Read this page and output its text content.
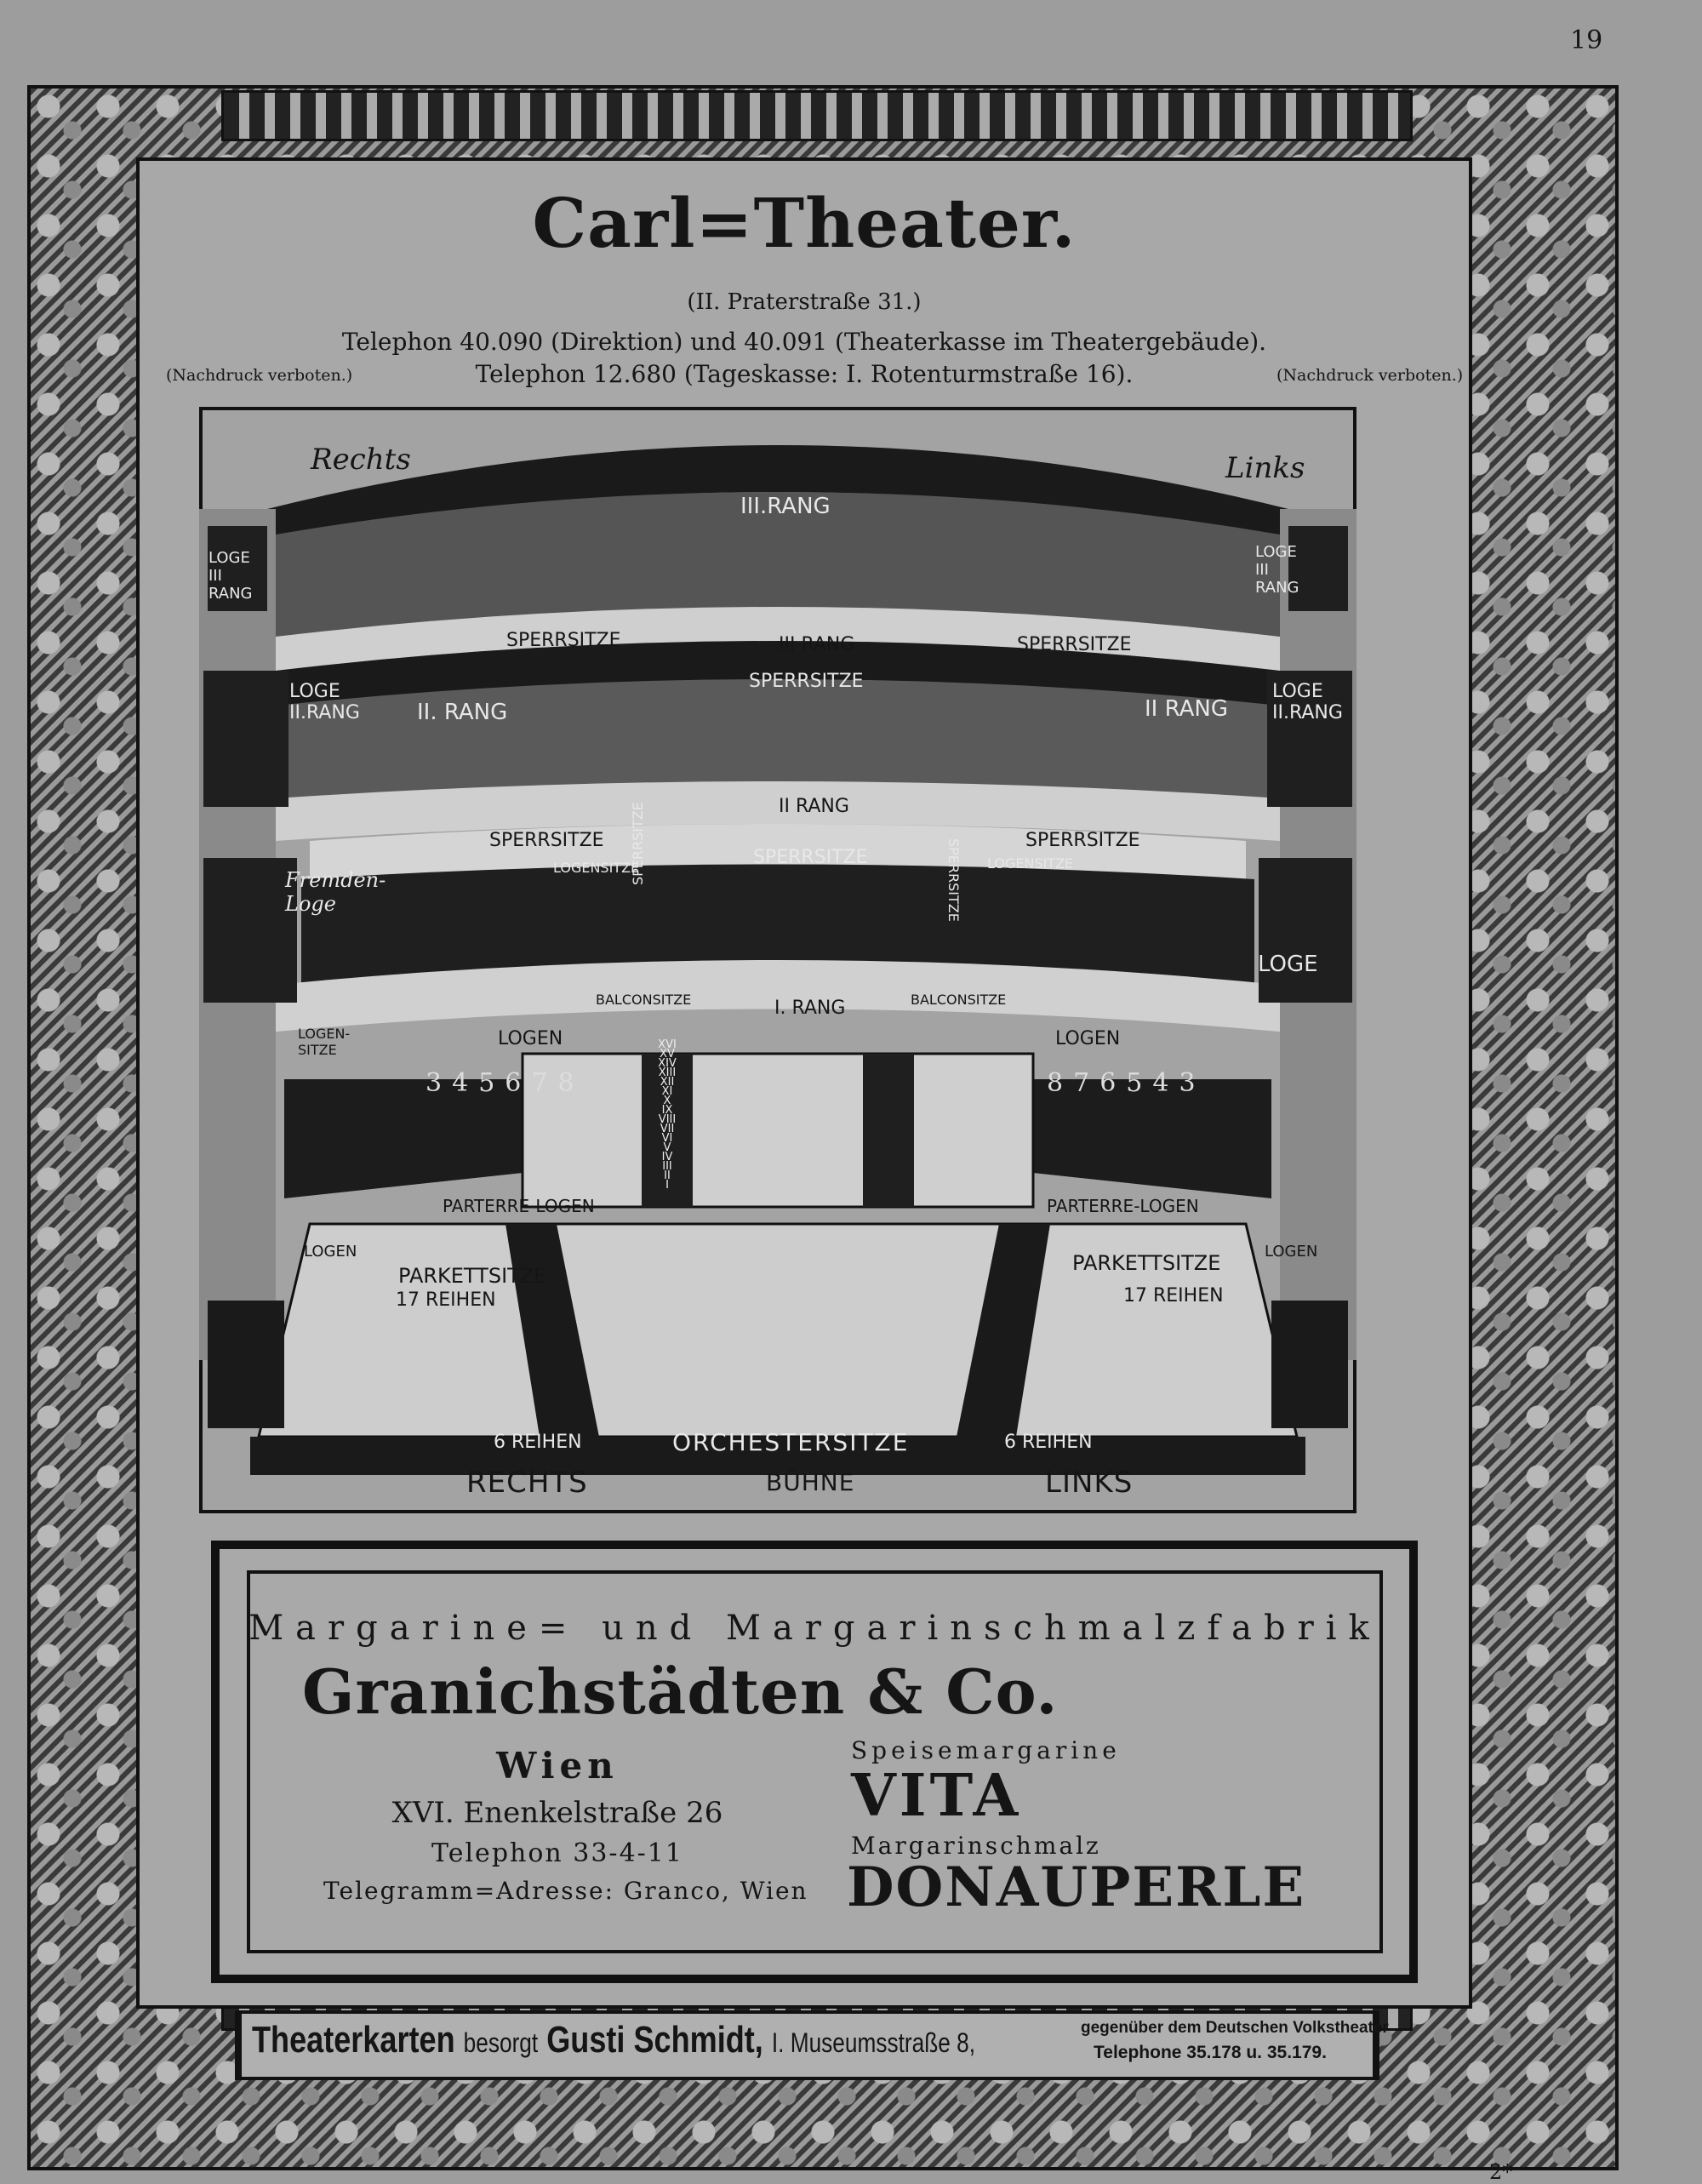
19
Carl=Theater.
(II. Praterstraße 31.)
Telephon 40.090 (Direktion) und 40.091 (Theaterkasse im Theatergebäude).
Telephon 12.680 (Tageskasse: I. Rotenturmstraße 16).
(Nachdruck verboten.)	(Nachdruck verboten.)
Rechts	Links
III.RANG
III RANG
SPERRSITZE	SPERRSITZE
LOGE III RANG
LOGE III RANG
SPERRSITZE
II. RANG	II RANG
II RANG
LOGE II.RANG
LOGE II.RANG
SPERRSITZE	SPERRSITZE
SPERRSITZE
LOGENSITZE	LOGENSITZE
SPERRSITZE	SPERRSITZE
Fremden-Loge
LOGE
LOGEN-SITZE
BALCONSITZE	BALCONSITZE
I. RANG
LOGEN	LOGEN
PARTERRE-LOGEN	PARTERRE-LOGEN
PARKETTSITZE
PARKETTSITZE
17 REIHEN	17 REIHEN
LOGEN	LOGEN
6 REIHEN	ORCHESTERSITZE	6 REIHEN
RECHTS	BÜHNE	LINKS
XVI
XV
XIV
XIII
XII
XI
X
IX
VIII
VII
VI
V
IV
III
II
I
345678	876543
Margarine= und Margarinschmalzfabrik
Granichstädten & Co.
Wien
XVI. Enenkelstraße 26
Telephon 33-4-11
Telegramm=Adresse: Granco, Wien
Speisemargarine
VITA
Margarinschmalz
DONAUPERLE
Theaterkarten besorgt Gusti Schmidt, I. Museumsstraße 8,	gegenüber dem Deutschen Volkstheater
Telephone 35.178 u. 35.179.
2*
